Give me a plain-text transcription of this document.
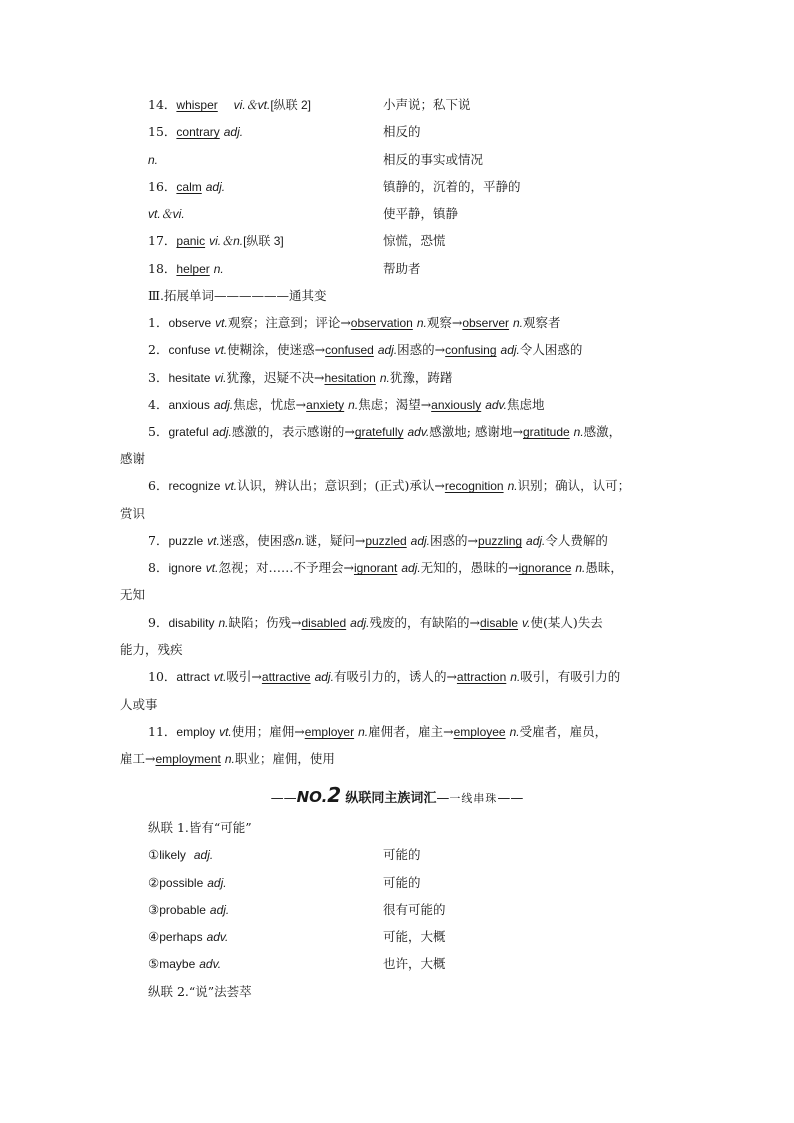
14．whisper vi.＆vt.[纵联 2]	小声说；私下说
15．contrary adj.	相反的
n.	相反的事实或情况
16．calm adj.	镇静的，沉着的，平静的
vt.＆vi.	使平静，镇静
17．panic vi.＆n.[纵联 3]	惊慌，恐慌
18．helper n.	帮助者
Ⅲ.拓展单词——————通其变
1．observe vt.观察；注意到；评论→observation n.观察→observer n.观察者
2．confuse vt.使糊涂，使迷惑→confused adj.困惑的→confusing adj.令人困惑的
3．hesitate vi.犹豫，迟疑不决→hesitation n.犹豫，踌躇
4．anxious adj.焦虑，忧虑→anxiety n.焦虑；渴望→anxiously adv.焦虑地
5．grateful adj.感激的，表示感谢的→gratefully adv.感激地; 感谢地→gratitude n.感激，
感谢
6．recognize vt.认识，辨认出；意识到；(正式)承认→recognition n.识别；确认，认可；
赏识
7．puzzle vt.迷惑，使困惑n.谜，疑问→puzzled adj.困惑的→puzzling adj.令人费解的
8．ignore vt.忽视；对……不予理会→ignorant adj.无知的，愚昧的→ignorance n.愚昧，
无知
9．disability n.缺陷；伤残→disabled adj.残废的，有缺陷的→disable v.使(某人)失去
能力，残疾
10．attract vt.吸引→attractive adj.有吸引力的，诱人的→attraction n.吸引，有吸引力的
人或事
11．employ vt.使用；雇佣→employer n.雇佣者，雇主→employee n.受雇者，雇员，
雇工→employment n.职业；雇佣，使用
——NO.2 纵联同主族词汇—一线串珠——
纵联 1.皆有“可能”
①likely adj.	可能的
②possible adj.	可能的
③probable adj.	很有可能的
④perhaps adv.	可能，大概
⑤maybe adv.	也许，大概
纵联 2.“说”法荟萃
